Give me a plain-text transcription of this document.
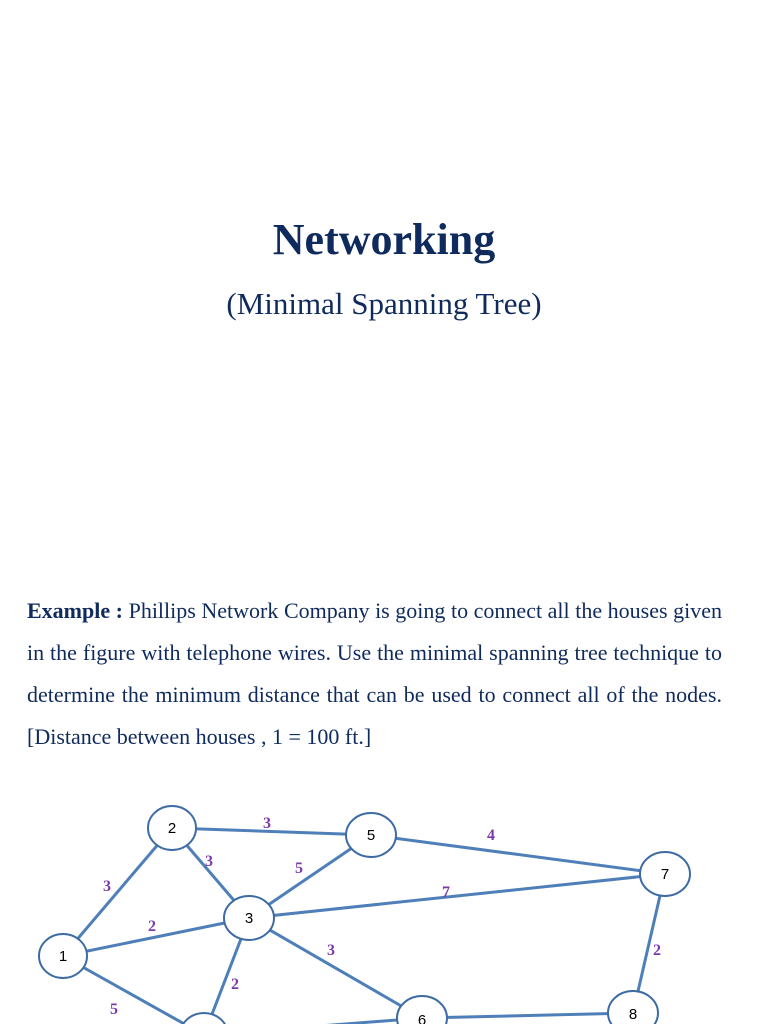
Networking
(Minimal Spanning Tree)

Example : Phillips Network Company is going to connect all the houses given in the figure with telephone wires. Use the minimal spanning tree technique to determine the minimum distance that can be used to connect all of the nodes. [Distance between houses , 1 = 100 ft.]

3
2
5
3
3	5
7
3
2
4
2
1
2
3
5
6
7
8
